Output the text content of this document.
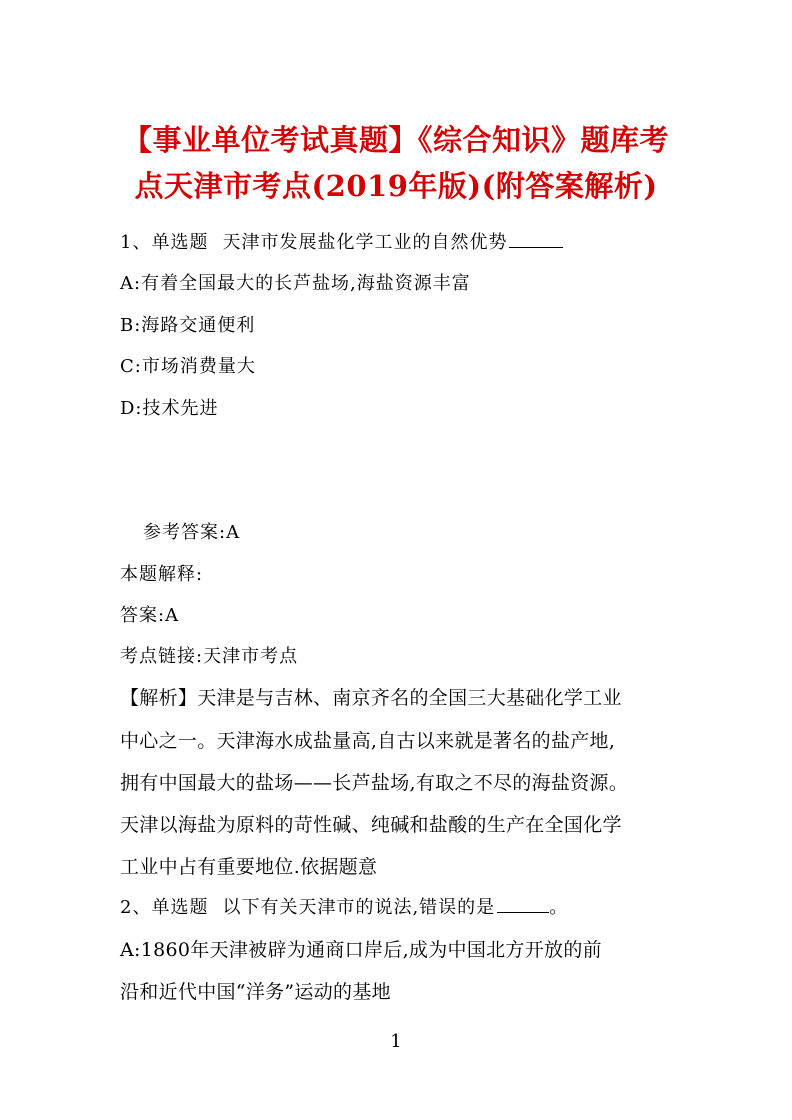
【事业单位考试真题】《综合知识》题库考
点天津市考点(2019年版)(附答案解析)
1、单选题 天津市发展盐化学工业的自然优势
A:有着全国最大的长芦盐场,海盐资源丰富
B:海路交通便利
C:市场消费量大
D:技术先进
参考答案:A
本题解释:
答案:A
考点链接:天津市考点
【解析】天津是与吉林、南京齐名的全国三大基础化学工业
中心之一。天津海水成盐量高,自古以来就是著名的盐产地,
拥有中国最大的盐场——长芦盐场,有取之不尽的海盐资源。
天津以海盐为原料的苛性碱、纯碱和盐酸的生产在全国化学
工业中占有重要地位.依据题意
2、单选题 以下有关天津市的说法,错误的是	。
A:1860年天津被辟为通商口岸后,成为中国北方开放的前
沿和近代中国“洋务”运动的基地
1
